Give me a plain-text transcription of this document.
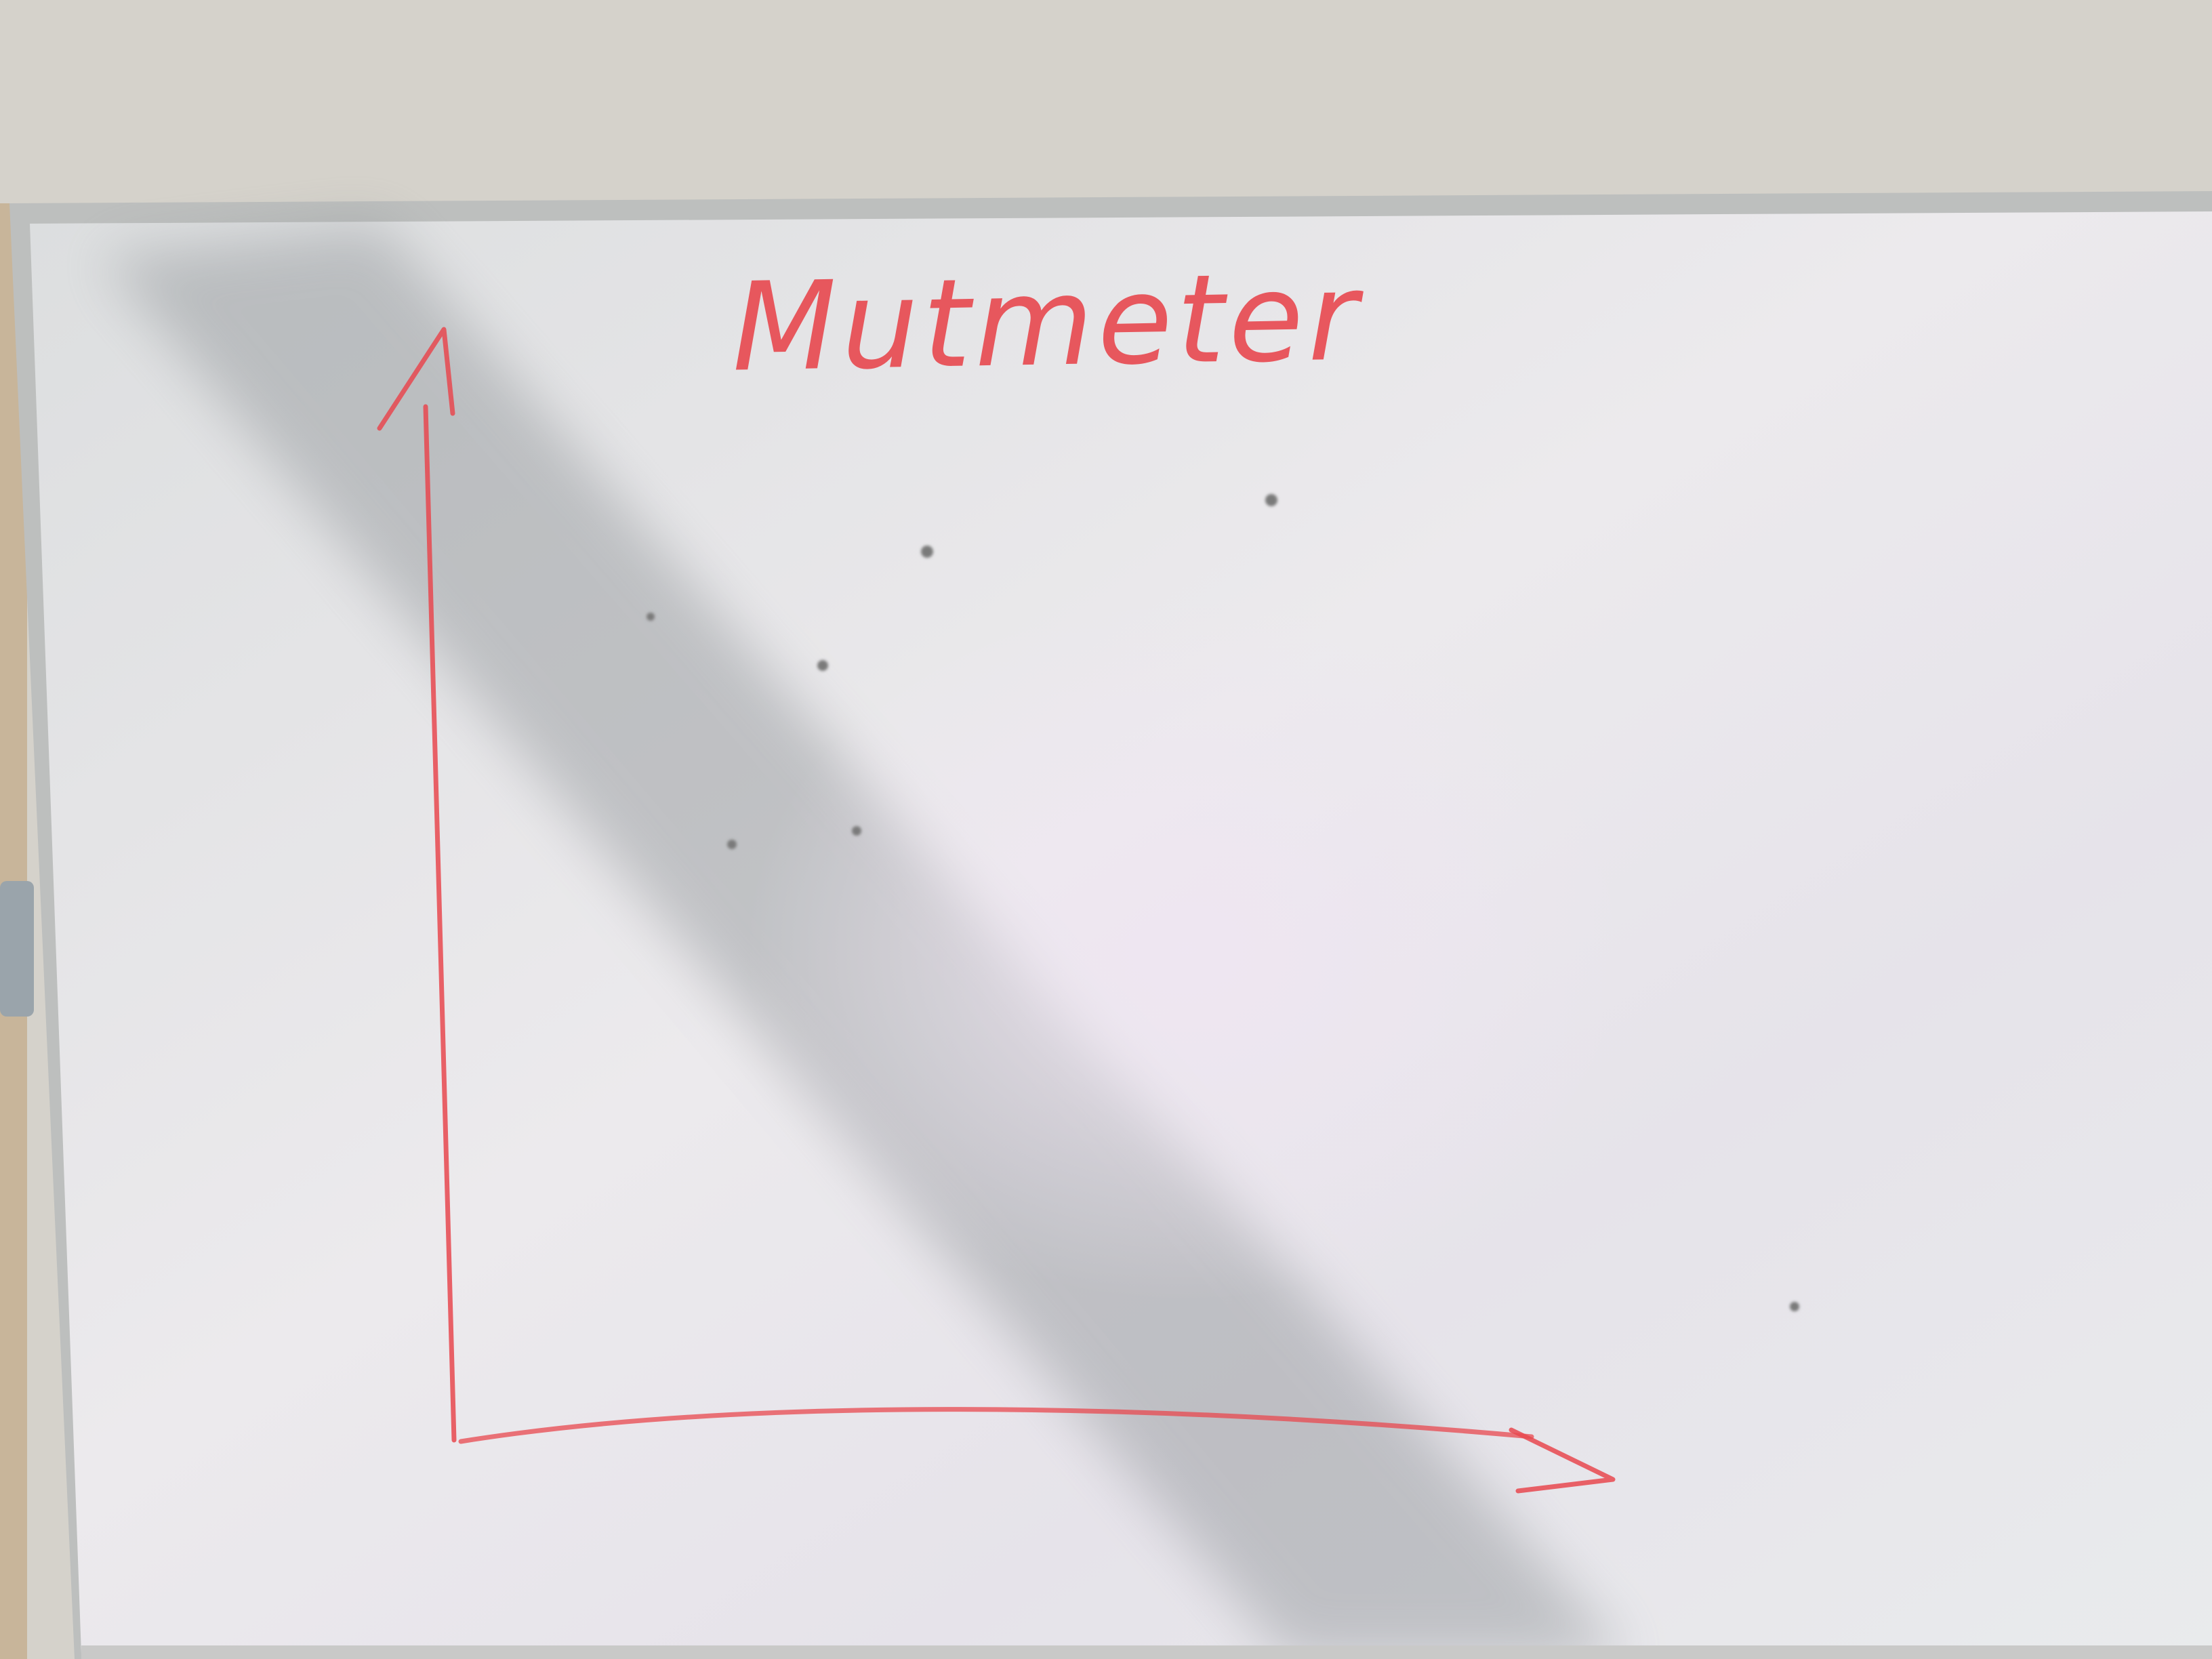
Mutmeter
